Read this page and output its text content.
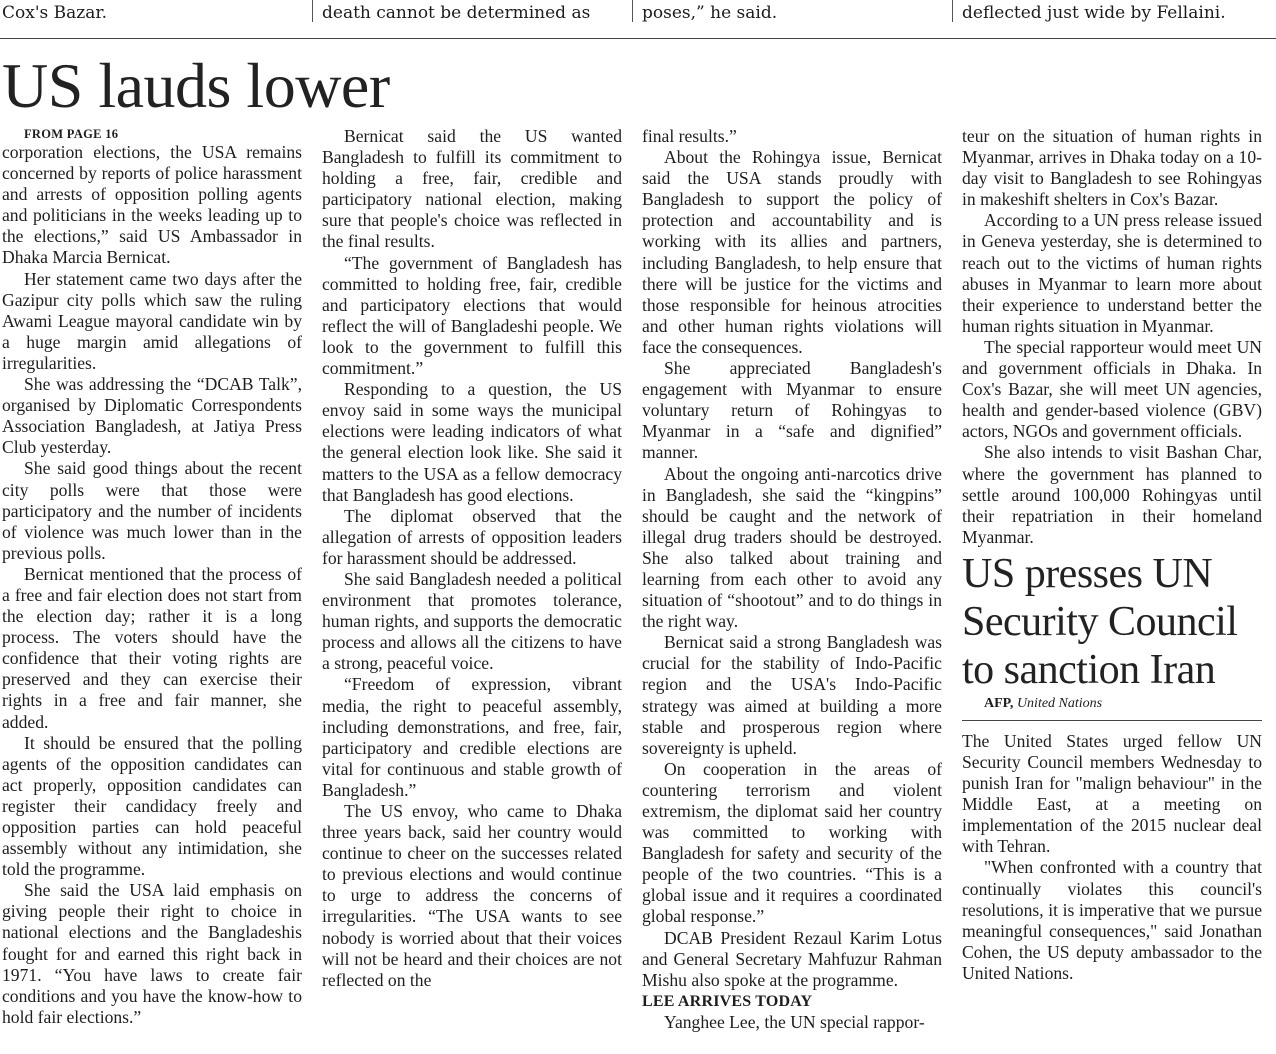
Cox's Bazar.	death cannot be determined as	poses,” he said.	deflected just wide by Fellaini.
US lauds lower

FROM PAGE 16

corporation elections, the USA remains concerned by reports of police harassment and arrests of opposition polling agents and politicians in the weeks leading up to the elections,” said US Ambassador in Dhaka Marcia Bernicat.

Her statement came two days after the Gazipur city polls which saw the ruling Awami League mayoral candidate win by a huge margin amid allegations of irregularities.

She was addressing the “DCAB Talk”, organised by Diplomatic Correspondents Association Bangladesh, at Jatiya Press Club yesterday.

She said good things about the recent city polls were that those were participatory and the number of incidents of violence was much lower than in the previous polls.

Bernicat mentioned that the process of a free and fair election does not start from the election day; rather it is a long process. The voters should have the confidence that their voting rights are preserved and they can exercise their rights in a free and fair manner, she added.

It should be ensured that the polling agents of the opposition candidates can act properly, opposition candidates can register their candidacy freely and opposition parties can hold peaceful assembly without any intimidation, she told the programme.

She said the USA laid emphasis on giving people their right to choice in national elections and the Bangladeshis fought for and earned this right back in 1971. “You have laws to create fair conditions and you have the know-how to hold fair elections.”

Bernicat said the US wanted Bangladesh to fulfill its commitment to holding a free, fair, credible and participatory national election, making sure that people's choice was reflected in the final results.

“The government of Bangladesh has committed to holding free, fair, credible and participatory elections that would reflect the will of Bangladeshi people. We look to the government to fulfill this commitment.”

Responding to a question, the US envoy said in some ways the municipal elections were leading indicators of what the general election look like. She said it matters to the USA as a fellow democracy that Bangladesh has good elections.

The diplomat observed that the allegation of arrests of opposition leaders for harassment should be addressed.

She said Bangladesh needed a political environment that promotes tolerance, human rights, and supports the democratic process and allows all the citizens to have a strong, peaceful voice.

“Freedom of expression, vibrant media, the right to peaceful assembly, including demonstrations, and free, fair, participatory and credible elections are vital for continuous and stable growth of Bangladesh.”

The US envoy, who came to Dhaka three years back, said her country would continue to cheer on the successes related to previous elections and would continue to urge to address the concerns of irregularities. “The USA wants to see nobody is worried about that their voices will not be heard and their choices are not reflected on the

final results.”

About the Rohingya issue, Bernicat said the USA stands proudly with Bangladesh to support the policy of protection and accountability and is working with its allies and partners, including Bangladesh, to help ensure that there will be justice for the victims and those responsible for heinous atrocities and other human rights violations will face the consequences.

She appreciated Bangladesh's engagement with Myanmar to ensure voluntary return of Rohingyas to Myanmar in a “safe and dignified” manner.

About the ongoing anti-narcotics drive in Bangladesh, she said the “kingpins” should be caught and the network of illegal drug traders should be destroyed. She also talked about training and learning from each other to avoid any situation of “shootout” and to do things in the right way.

Bernicat said a strong Bangladesh was crucial for the stability of Indo-Pacific region and the USA's Indo-Pacific strategy was aimed at building a more stable and prosperous region where sovereignty is upheld.

On cooperation in the areas of countering terrorism and violent extremism, the diplomat said her country was committed to working with Bangladesh for safety and security of the people of the two countries. “This is a global issue and it requires a coordinated global response.”

DCAB President Rezaul Karim Lotus and General Secretary Mahfuzur Rahman Mishu also spoke at the programme.

LEE ARRIVES TODAY

Yanghee Lee, the UN special rappor-

teur on the situation of human rights in Myanmar, arrives in Dhaka today on a 10-day visit to Bangladesh to see Rohingyas in makeshift shelters in Cox's Bazar.

According to a UN press release issued in Geneva yesterday, she is determined to reach out to the victims of human rights abuses in Myanmar to learn more about their experience to understand better the human rights situation in Myanmar.

The special rapporteur would meet UN and government officials in Dhaka. In Cox's Bazar, she will meet UN agencies, health and gender-based violence (GBV) actors, NGOs and government officials.

She also intends to visit Bashan Char, where the government has planned to settle around 100,000 Rohingyas until their repatriation in their homeland Myanmar.

US presses UN Security Council to sanction Iran

AFP, United Nations

The United States urged fellow UN Security Council members Wednesday to punish Iran for "malign behaviour" in the Middle East, at a meeting on implementation of the 2015 nuclear deal with Tehran.

"When confronted with a country that continually violates this council's resolutions, it is imperative that we pursue meaningful consequences," said Jonathan Cohen, the US deputy ambassador to the United Nations.
